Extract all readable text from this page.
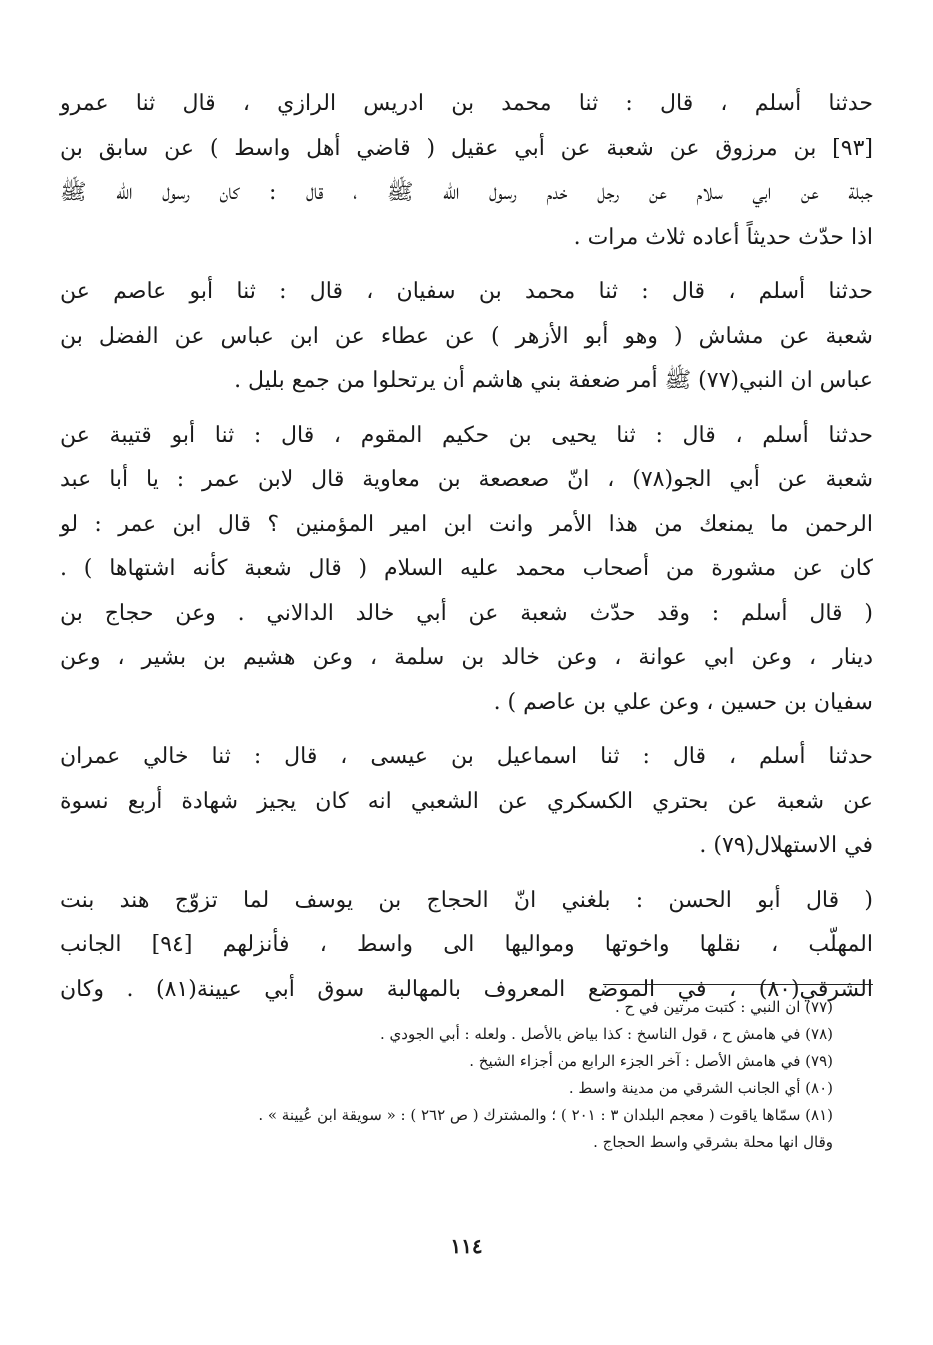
حدثنا أسلم ، قال : ثنا محمد بن ادريس الرازي ، قال ثنا عمرو
[٩٣] بن مرزوق عن شعبة عن أبي عقيل ( قاضي أهل واسط ) عن سابق بن
جبلة عن ابي سلام عن رجل خدم رسول الله ﷺ ، قال : كان رسول الله ﷺ
اذا حدّث حديثاً أعاده ثلاث مرات .
حدثنا أسلم ، قال : ثنا محمد بن سفيان ، قال : ثنا أبو عاصم عن
شعبة عن مشاش ( وهو أبو الأزهر ) عن عطاء عن ابن عباس عن الفضل بن
عباس ان النبي(٧٧) ﷺ أمر ضعفة بني هاشم أن يرتحلوا من جمع بليل .
حدثنا أسلم ، قال : ثنا يحيى بن حكيم المقوم ، قال : ثنا أبو قتيبة عن
شعبة عن أبي الجو(٧٨) ، انّ صعصعة بن معاوية قال لابن عمر : يا أبا عبد
الرحمن ما يمنعك من هذا الأمر وانت ابن امير المؤمنين ؟ قال ابن عمر : لو
كان عن مشورة من أصحاب محمد عليه السلام ( قال شعبة كأنه اشتهاها ) .
( قال أسلم : وقد حدّث شعبة عن أبي خالد الدالاني . وعن حجاج بن
دينار ، وعن ابي عوانة ، وعن خالد بن سلمة ، وعن هشيم بن بشير ، وعن
سفيان بن حسين ، وعن علي بن عاصم ) .
حدثنا أسلم ، قال : ثنا اسماعيل بن عيسى ، قال : ثنا خالي عمران
عن شعبة عن بحتري الكسكري عن الشعبي انه كان يجيز شهادة أربع نسوة
في الاستهلال(٧٩) .
( قال أبو الحسن : بلغني انّ الحجاج بن يوسف لما تزوّج هند بنت
المهلّب ، نقلها واخوتها ومواليها الى واسط ، فأنزلهم [٩٤] الجانب
الشرقي(٨٠) ، في الموضع المعروف بالمهالبة سوق أبي عيينة(٨١) . وكان
(٧٧) ان النبي : كتبت مرتين في ح .
(٧٨) في هامش ح ، قول الناسخ : كذا بياض بالأصل . ولعله : أبي الجودي .
(٧٩) في هامش الأصل : آخر الجزء الرابع من أجزاء الشيخ .
(٨٠) أي الجانب الشرقي من مدينة واسط .
(٨١) سمّاها ياقوت ( معجم البلدان ٣ : ٢٠١ ) ؛ والمشترك ( ص ٢٦٢ ) : « سويقة ابن عُيينة » .
وقال انها محلة بشرقي واسط الحجاج .
١١٤
